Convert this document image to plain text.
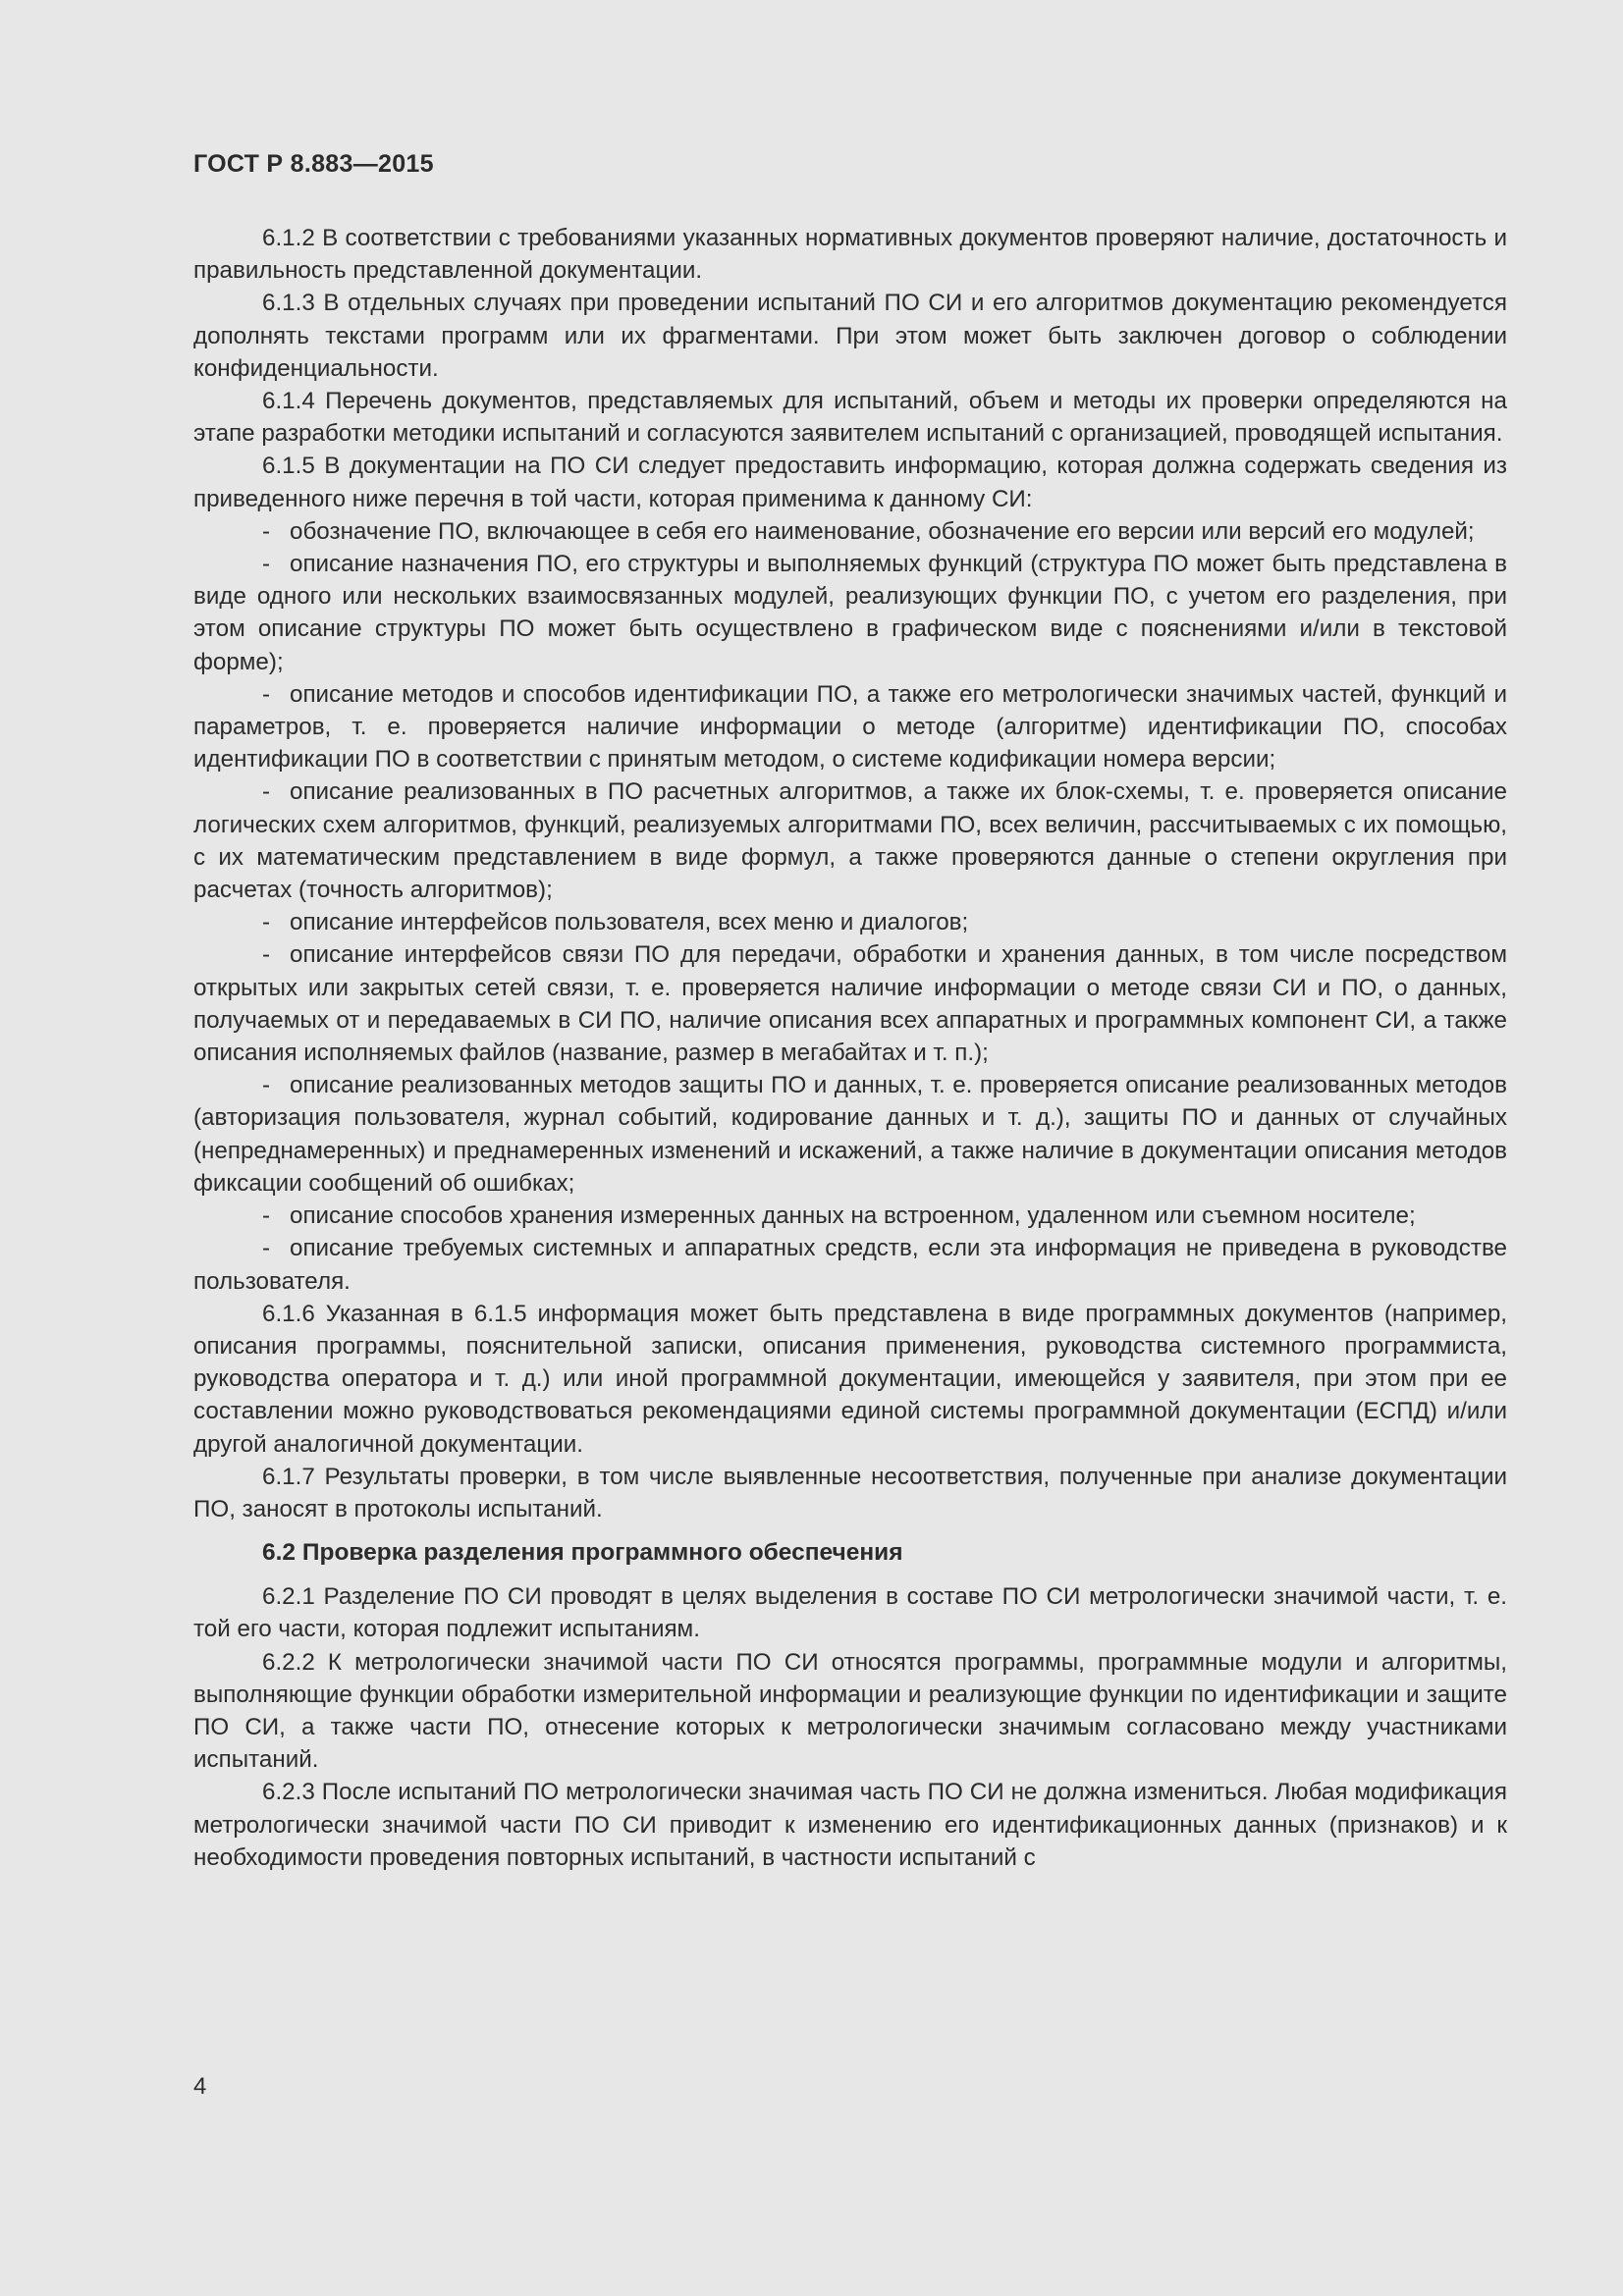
ГОСТ Р 8.883—2015

6.1.2 В соответствии с требованиями указанных нормативных документов проверяют наличие, достаточность и правильность представленной документации.

6.1.3 В отдельных случаях при проведении испытаний ПО СИ и его алгоритмов документацию рекомендуется дополнять текстами программ или их фрагментами. При этом может быть заключен договор о соблюдении конфиденциальности.

6.1.4 Перечень документов, представляемых для испытаний, объем и методы их проверки определяются на этапе разработки методики испытаний и согласуются заявителем испытаний с организацией, проводящей испытания.

6.1.5 В документации на ПО СИ следует предоставить информацию, которая должна содержать сведения из приведенного ниже перечня в той части, которая применима к данному СИ:

- обозначение ПО, включающее в себя его наименование, обозначение его версии или версий его модулей;

- описание назначения ПО, его структуры и выполняемых функций (структура ПО может быть представлена в виде одного или нескольких взаимосвязанных модулей, реализующих функции ПО, с учетом его разделения, при этом описание структуры ПО может быть осуществлено в графическом виде с пояснениями и/или в текстовой форме);

- описание методов и способов идентификации ПО, а также его метрологически значимых частей, функций и параметров, т. е. проверяется наличие информации о методе (алгоритме) идентификации ПО, способах идентификации ПО в соответствии с принятым методом, о системе кодификации номера версии;

- описание реализованных в ПО расчетных алгоритмов, а также их блок-схемы, т. е. проверяется описание логических схем алгоритмов, функций, реализуемых алгоритмами ПО, всех величин, рассчитываемых с их помощью, с их математическим представлением в виде формул, а также проверяются данные о степени округления при расчетах (точность алгоритмов);

- описание интерфейсов пользователя, всех меню и диалогов;

- описание интерфейсов связи ПО для передачи, обработки и хранения данных, в том числе посредством открытых или закрытых сетей связи, т. е. проверяется наличие информации о методе связи СИ и ПО, о данных, получаемых от и передаваемых в СИ ПО, наличие описания всех аппаратных и программных компонент СИ, а также описания исполняемых файлов (название, размер в мегабайтах и т. п.);

- описание реализованных методов защиты ПО и данных, т. е. проверяется описание реализованных методов (авторизация пользователя, журнал событий, кодирование данных и т. д.), защиты ПО и данных от случайных (непреднамеренных) и преднамеренных изменений и искажений, а также наличие в документации описания методов фиксации сообщений об ошибках;

- описание способов хранения измеренных данных на встроенном, удаленном или съемном носителе;

- описание требуемых системных и аппаратных средств, если эта информация не приведена в руководстве пользователя.

6.1.6 Указанная в 6.1.5 информация может быть представлена в виде программных документов (например, описания программы, пояснительной записки, описания применения, руководства системного программиста, руководства оператора и т. д.) или иной программной документации, имеющейся у заявителя, при этом при ее составлении можно руководствоваться рекомендациями единой системы программной документации (ЕСПД) и/или другой аналогичной документации.

6.1.7 Результаты проверки, в том числе выявленные несоответствия, полученные при анализе документации ПО, заносят в протоколы испытаний.

6.2 Проверка разделения программного обеспечения

6.2.1 Разделение ПО СИ проводят в целях выделения в составе ПО СИ метрологически значимой части, т. е. той его части, которая подлежит испытаниям.

6.2.2 К метрологически значимой части ПО СИ относятся программы, программные модули и алгоритмы, выполняющие функции обработки измерительной информации и реализующие функции по идентификации и защите ПО СИ, а также части ПО, отнесение которых к метрологически значимым согласовано между участниками испытаний.

6.2.3 После испытаний ПО метрологически значимая часть ПО СИ не должна измениться. Любая модификация метрологически значимой части ПО СИ приводит к изменению его идентификационных данных (признаков) и к необходимости проведения повторных испытаний, в частности испытаний с

4
